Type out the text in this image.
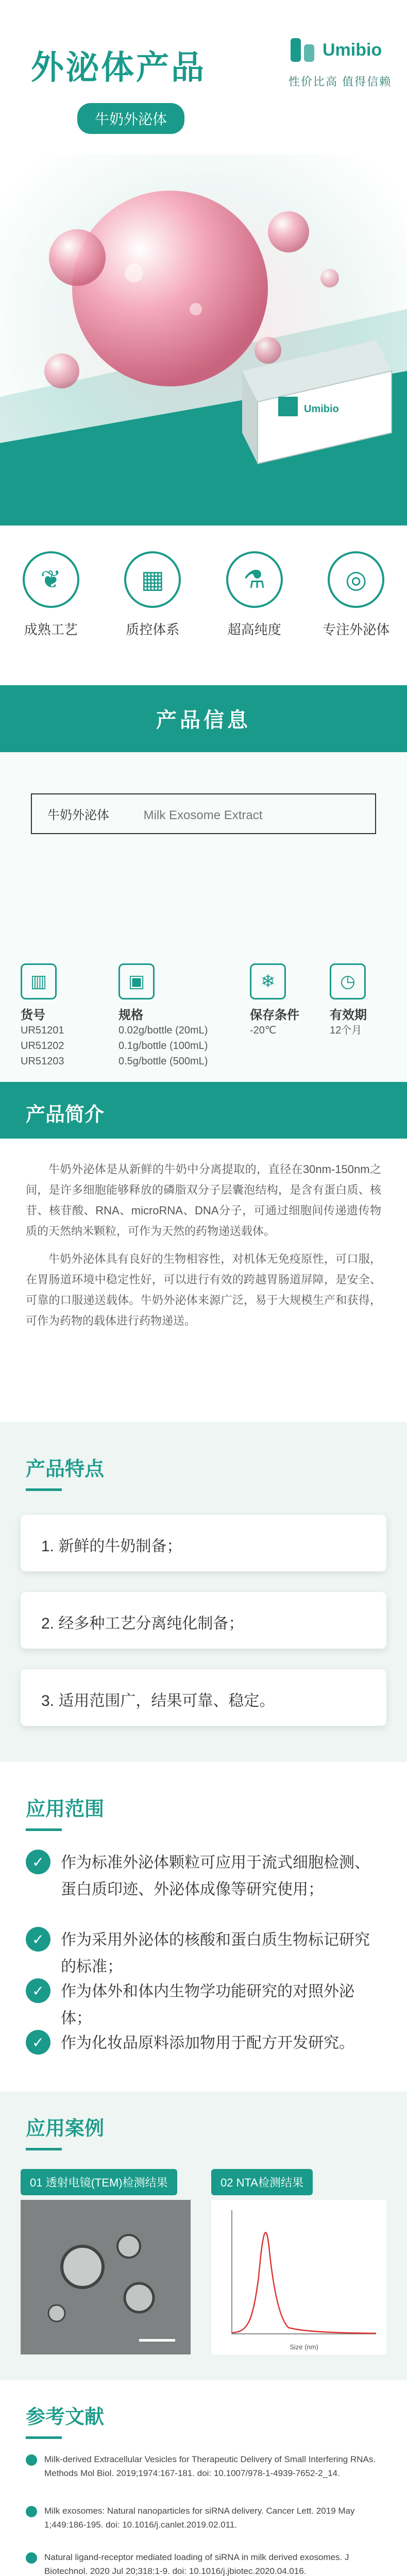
外泌体产品
牛奶外泌体
Umibio
性价比高 值得信赖
Umibio
❦
成熟工艺
▦
质控体系
⚗
超高纯度
◎
专注外泌体
产品信息
牛奶外泌体	Milk Exosome Extract
▥
货号
UR51201
UR51202
UR51203
▣
规格
0.02g/bottle (20mL)
0.1g/bottle (100mL)
0.5g/bottle (500mL)
❄
保存条件
-20℃
◷
有效期
12个月
产品简介

牛奶外泌体是从新鲜的牛奶中分离提取的，直径在30nm-150nm之间，是许多细胞能够释放的磷脂双分子层囊泡结构，是含有蛋白质、核苷、核苷酸、RNA、microRNA、DNA分子，可通过细胞间传递遗传物质的天然纳米颗粒，可作为天然的药物递送载体。

牛奶外泌体具有良好的生物相容性，对机体无免疫原性，可口服，在胃肠道环境中稳定性好，可以进行有效的跨越胃肠道屏障，是安全、可靠的口服递送载体。牛奶外泌体来源广泛，易于大规模生产和获得，可作为药物的载体进行药物递送。

产品特点
1. 新鲜的牛奶制备；
2. 经多种工艺分离纯化制备；
3. 适用范围广，结果可靠、稳定。
应用范围
✓	作为标准外泌体颗粒可应用于流式细胞检测、蛋白质印迹、外泌体成像等研究使用；
✓	作为采用外泌体的核酸和蛋白质生物标记研究的标准；
✓	作为体外和体内生物学功能研究的对照外泌体；
✓	作为化妆品原料添加物用于配方开发研究。
应用案例
01 透射电镜(TEM)检测结果	02 NTA检测结果
Size (nm)
参考文献
Milk-derived Extracellular Vesicles for Therapeutic Delivery of Small Interfering RNAs. Methods Mol Biol. 2019;1974:167-181. doi: 10.1007/978-1-4939-7652-2_14.
Milk exosomes: Natural nanoparticles for siRNA delivery. Cancer Lett. 2019 May 1;449:186-195. doi: 10.1016/j.canlet.2019.02.011.
Natural ligand-receptor mediated loading of siRNA in milk derived exosomes. J Biotechnol. 2020 Jul 20;318:1-9. doi: 10.1016/j.jbiotec.2020.04.016.
